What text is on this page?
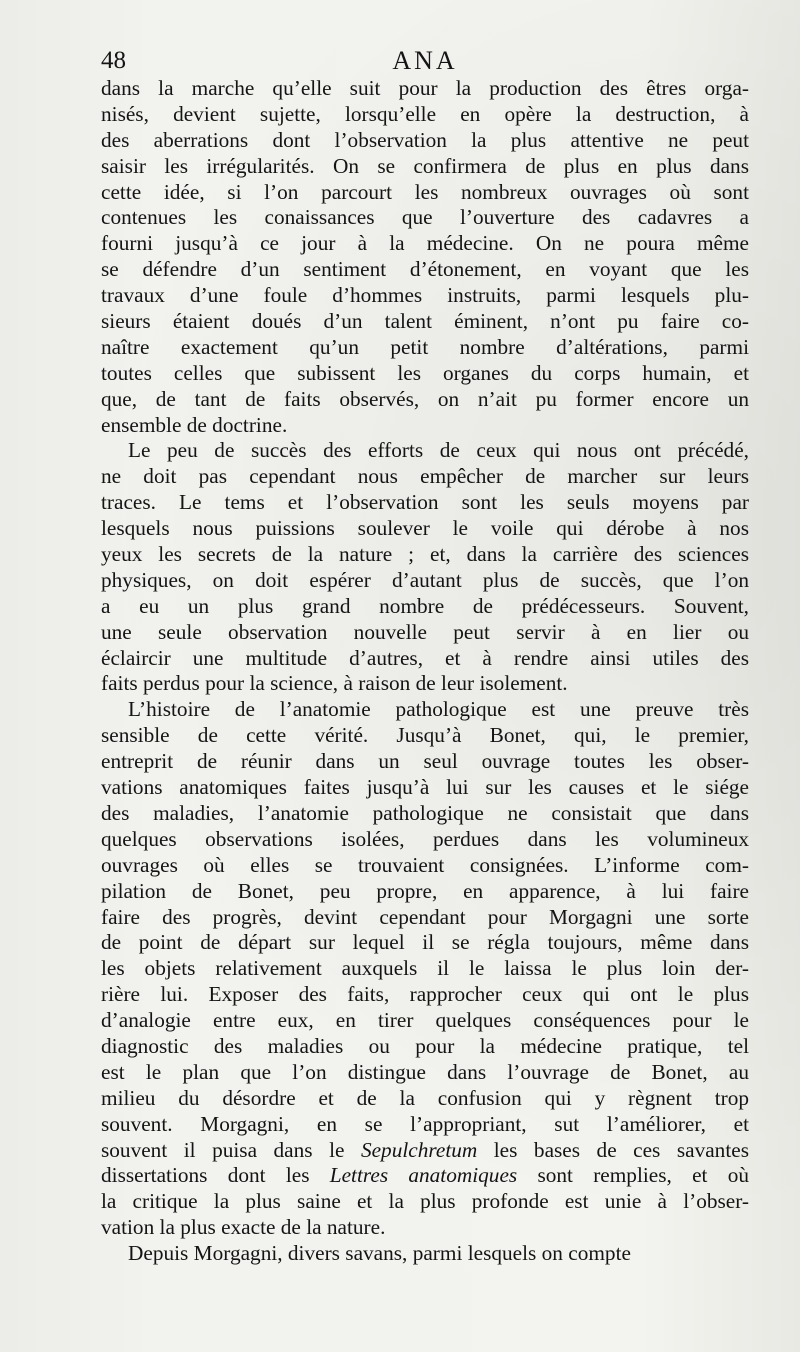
48	ANA
dans la marche qu’elle suit pour la production des êtres orga-
nisés, devient sujette, lorsqu’elle en opère la destruction, à
des aberrations dont l’observation la plus attentive ne peut
saisir les irrégularités. On se confirmera de plus en plus dans
cette idée, si l’on parcourt les nombreux ouvrages où sont
contenues les conaissances que l’ouverture des cadavres a
fourni jusqu’à ce jour à la médecine. On ne poura même
se défendre d’un sentiment d’étonement, en voyant que les
travaux d’une foule d’hommes instruits, parmi lesquels plu-
sieurs étaient doués d’un talent éminent, n’ont pu faire co-
naître exactement qu’un petit nombre d’altérations, parmi
toutes celles que subissent les organes du corps humain, et
que, de tant de faits observés, on n’ait pu former encore un
ensemble de doctrine.
Le peu de succès des efforts de ceux qui nous ont précédé,
ne doit pas cependant nous empêcher de marcher sur leurs
traces. Le tems et l’observation sont les seuls moyens par
lesquels nous puissions soulever le voile qui dérobe à nos
yeux les secrets de la nature ; et, dans la carrière des sciences
physiques, on doit espérer d’autant plus de succès, que l’on
a eu un plus grand nombre de prédécesseurs. Souvent,
une seule observation nouvelle peut servir à en lier ou
éclaircir une multitude d’autres, et à rendre ainsi utiles des
faits perdus pour la science, à raison de leur isolement.
L’histoire de l’anatomie pathologique est une preuve très
sensible de cette vérité. Jusqu’à Bonet, qui, le premier,
entreprit de réunir dans un seul ouvrage toutes les obser-
vations anatomiques faites jusqu’à lui sur les causes et le siége
des maladies, l’anatomie pathologique ne consistait que dans
quelques observations isolées, perdues dans les volumineux
ouvrages où elles se trouvaient consignées. L’informe com-
pilation de Bonet, peu propre, en apparence, à lui faire
faire des progrès, devint cependant pour Morgagni une sorte
de point de départ sur lequel il se régla toujours, même dans
les objets relativement auxquels il le laissa le plus loin der-
rière lui. Exposer des faits, rapprocher ceux qui ont le plus
d’analogie entre eux, en tirer quelques conséquences pour le
diagnostic des maladies ou pour la médecine pratique, tel
est le plan que l’on distingue dans l’ouvrage de Bonet, au
milieu du désordre et de la confusion qui y règnent trop
souvent. Morgagni, en se l’appropriant, sut l’améliorer, et
souvent il puisa dans le Sepulchretum les bases de ces savantes
dissertations dont les Lettres anatomiques sont remplies, et où
la critique la plus saine et la plus profonde est unie à l’obser-
vation la plus exacte de la nature.
Depuis Morgagni, divers savans, parmi lesquels on compte
